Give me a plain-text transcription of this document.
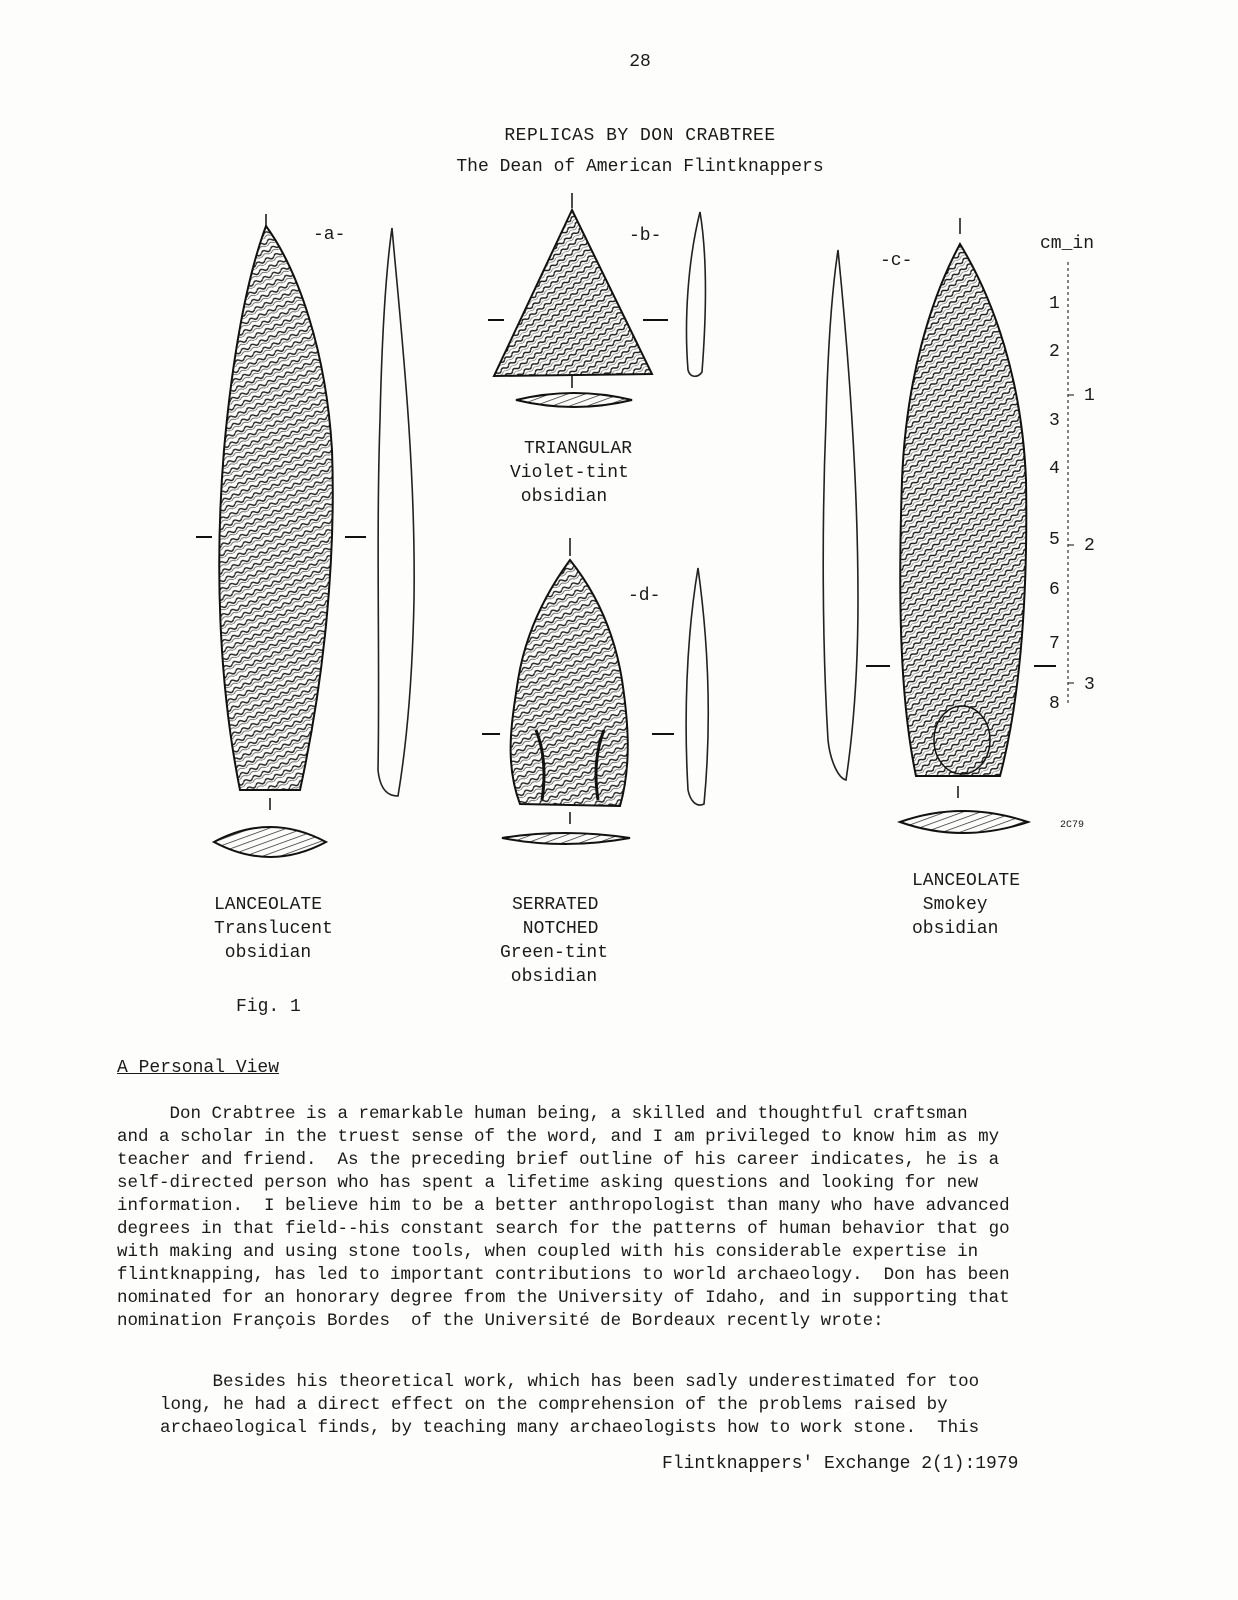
28
REPLICAS BY DON CRABTREE
The Dean of American Flintknappers
-a-	-b-
-c-
-d-
cm_in
1
2
3
4
5
6
7
8
1
2
3
2C79
LANCEOLATE
Translucent
obsidian
TRIANGULAR
Violet-tint
obsidian
SERRATED
NOTCHED
Green-tint
obsidian
LANCEOLATE
Smokey
obsidian
Fig. 1
A Personal View
Don Crabtree is a remarkable human being, a skilled and thoughtful craftsman
and a scholar in the truest sense of the word, and I am privileged to know him as my
teacher and friend.  As the preceding brief outline of his career indicates, he is a
self-directed person who has spent a lifetime asking questions and looking for new
information.  I believe him to be a better anthropologist than many who have advanced
degrees in that field--his constant search for the patterns of human behavior that go
with making and using stone tools, when coupled with his considerable expertise in
flintknapping, has led to important contributions to world archaeology.  Don has been
nominated for an honorary degree from the University of Idaho, and in supporting that
nomination François Bordes  of the Université de Bordeaux recently wrote:
Besides his theoretical work, which has been sadly underestimated for too
long, he had a direct effect on the comprehension of the problems raised by
archaeological finds, by teaching many archaeologists how to work stone.  This
Flintknappers' Exchange 2(1):1979
